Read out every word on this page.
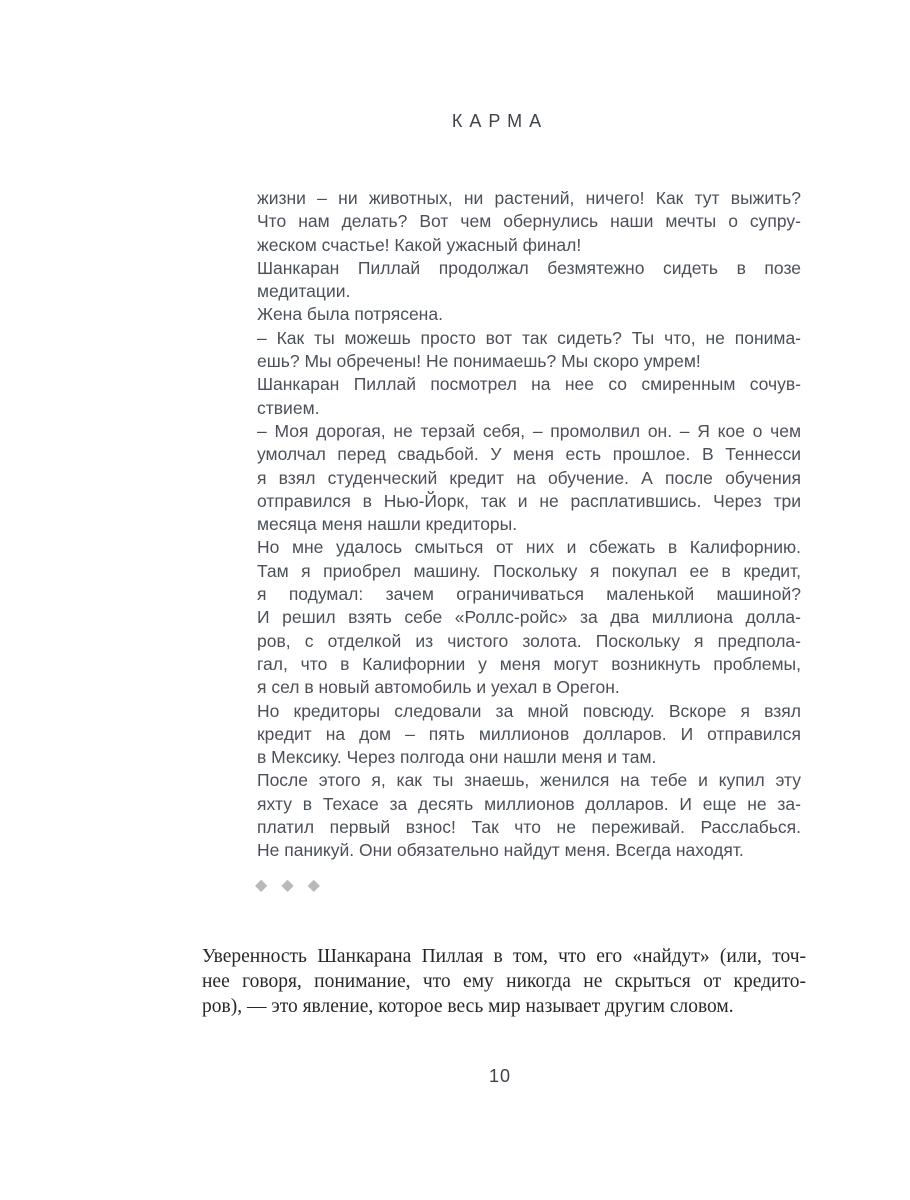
КАРМА
жизни – ни животных, ни растений, ничего! Как тут выжить?
Что нам делать? Вот чем обернулись наши мечты о супру-
жеском счастье! Какой ужасный финал!
Шанкаран Пиллай продолжал безмятежно сидеть в позе
медитации.
Жена была потрясена.
– Как ты можешь просто вот так сидеть? Ты что, не понима-
ешь? Мы обречены! Не понимаешь? Мы скоро умрем!
Шанкаран Пиллай посмотрел на нее со смиренным сочув-
ствием.
– Моя дорогая, не терзай себя, – промолвил он. – Я кое о чем
умолчал перед свадьбой. У меня есть прошлое. В Теннесси
я взял студенческий кредит на обучение. А после обучения
отправился в Нью-Йорк, так и не расплатившись. Через три
месяца меня нашли кредиторы.
Но мне удалось смыться от них и сбежать в Калифорнию.
Там я приобрел машину. Поскольку я покупал ее в кредит,
я подумал: зачем ограничиваться маленькой машиной?
И решил взять себе «Роллс-ройс» за два миллиона долла-
ров, с отделкой из чистого золота. Поскольку я предпола-
гал, что в Калифорнии у меня могут возникнуть проблемы,
я сел в новый автомобиль и уехал в Орегон.
Но кредиторы следовали за мной повсюду. Вскоре я взял
кредит на дом – пять миллионов долларов. И отправился
в Мексику. Через полгода они нашли меня и там.
После этого я, как ты знаешь, женился на тебе и купил эту
яхту в Техасе за десять миллионов долларов. И еще не за-
платил первый взнос! Так что не переживай. Расслабься.
Не паникуй. Они обязательно найдут меня. Всегда находят.
◆ ◆ ◆
Уверенность Шанкарана Пиллая в том, что его «найдут» (или, точ-
нее говоря, понимание, что ему никогда не скрыться от кредито-
ров), — это явление, которое весь мир называет другим словом.
10
